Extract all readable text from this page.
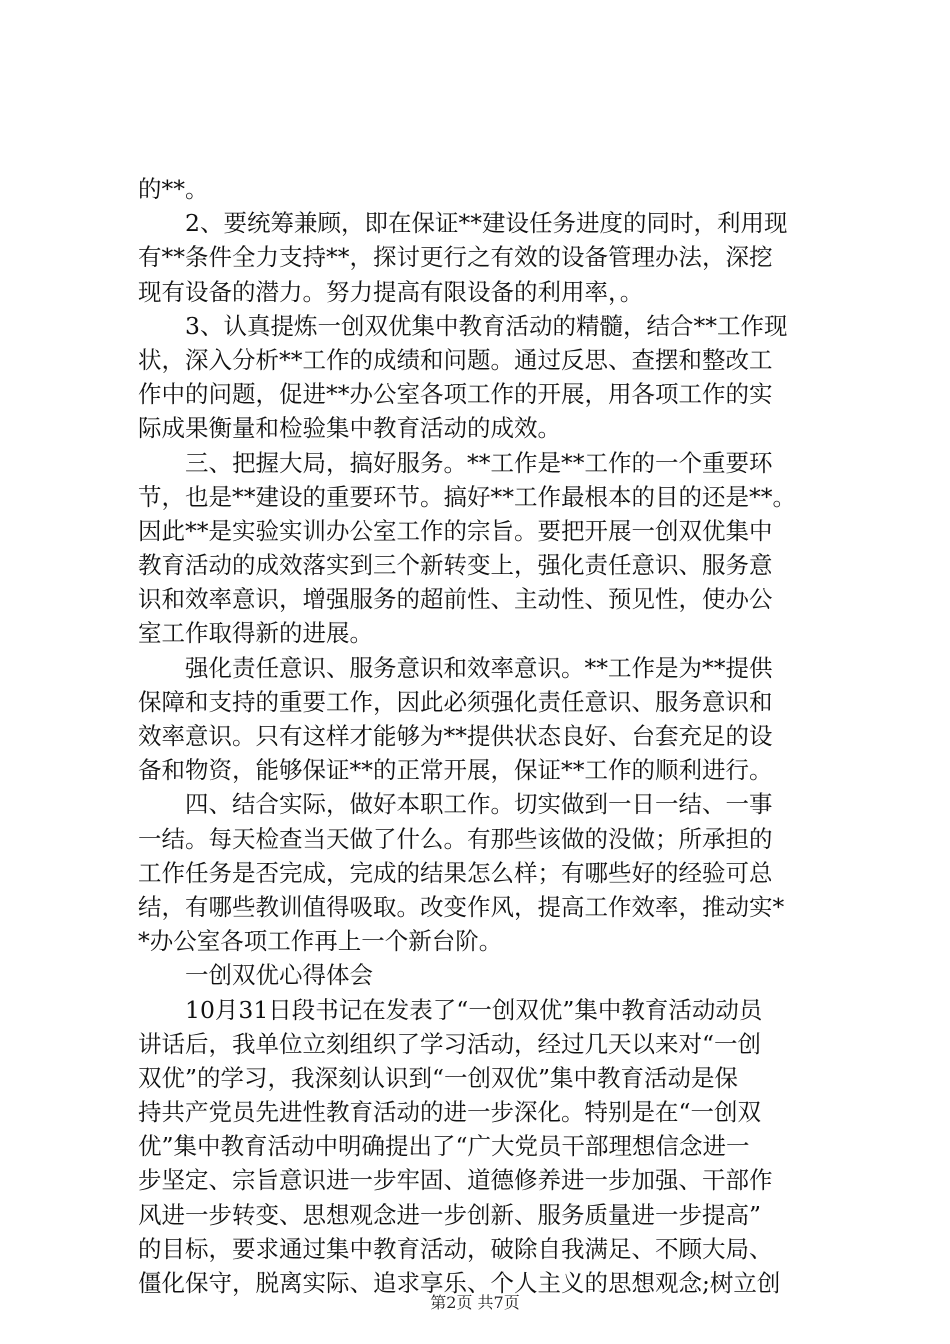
的**。
　　2、要统筹兼顾，即在保证**建设任务进度的同时，利用现
有**条件全力支持**，探讨更行之有效的设备管理办法，深挖
现有设备的潜力。努力提高有限设备的利用率，。
　　3、认真提炼一创双优集中教育活动的精髓，结合**工作现
状，深入分析**工作的成绩和问题。通过反思、查摆和整改工
作中的问题，促进**办公室各项工作的开展，用各项工作的实
际成果衡量和检验集中教育活动的成效。
　　三、把握大局，搞好服务。**工作是**工作的一个重要环
节，也是**建设的重要环节。搞好**工作最根本的目的还是**。
因此**是实验实训办公室工作的宗旨。要把开展一创双优集中
教育活动的成效落实到三个新转变上，强化责任意识、服务意
识和效率意识，增强服务的超前性、主动性、预见性，使办公
室工作取得新的进展。
　　强化责任意识、服务意识和效率意识。**工作是为**提供
保障和支持的重要工作，因此必须强化责任意识、服务意识和
效率意识。只有这样才能够为**提供状态良好、台套充足的设
备和物资，能够保证**的正常开展，保证**工作的顺利进行。
　　四、结合实际，做好本职工作。切实做到一日一结、一事
一结。每天检查当天做了什么。有那些该做的没做；所承担的
工作任务是否完成，完成的结果怎么样；有哪些好的经验可总
结，有哪些教训值得吸取。改变作风，提高工作效率，推动实*
*办公室各项工作再上一个新台阶。
　　一创双优心得体会
　　10月31日段书记在发表了“一创双优”集中教育活动动员
讲话后，我单位立刻组织了学习活动，经过几天以来对“一创
双优”的学习，我深刻认识到“一创双优”集中教育活动是保
持共产党员先进性教育活动的进一步深化。特别是在“一创双
优”集中教育活动中明确提出了“广大党员干部理想信念进一
步坚定、宗旨意识进一步牢固、道德修养进一步加强、干部作
风进一步转变、思想观念进一步创新、服务质量进一步提高”
的目标，要求通过集中教育活动，破除自我满足、不顾大局、
僵化保守，脱离实际、追求享乐、个人主义的思想观念;树立创
第2页 共7页
